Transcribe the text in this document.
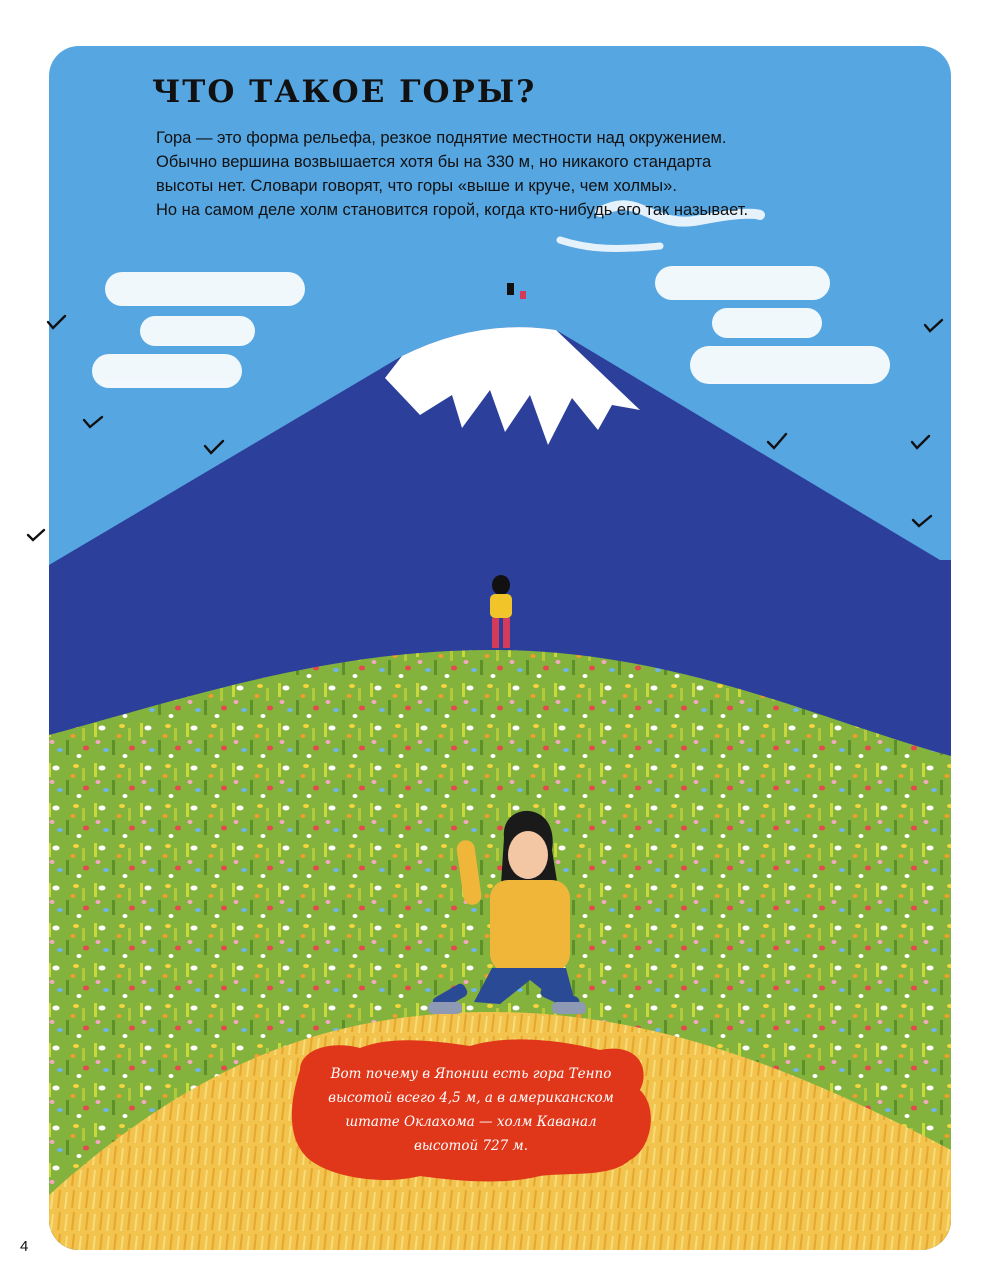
ЧТО ТАКОЕ ГОРЫ?

Гора — это форма рельефа, резкое поднятие местности над окружением.

Обычно вершина возвышается хотя бы на 330 м, но никакого стандарта

высоты нет. Словари говорят, что горы «выше и круче, чем холмы».

Но на самом деле холм становится горой, когда кто-нибудь его так называет.

Вот почему в Японии есть гора Тенпо
высотой всего 4,5 м, а в американском
штате Оклахома — холм Каванал
высотой 727 м.
4
